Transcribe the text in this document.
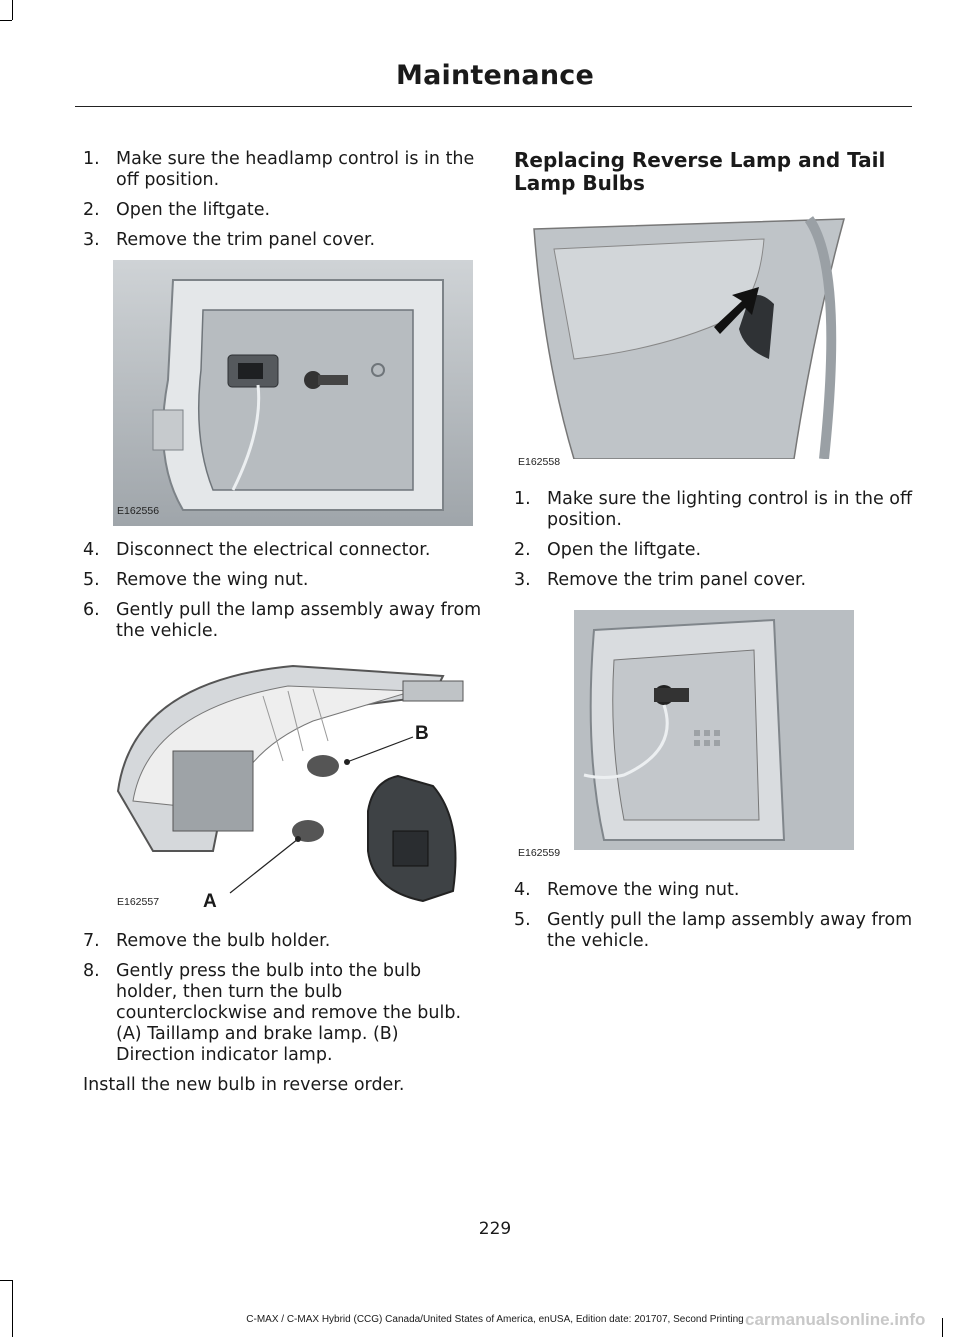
Maintenance
1. Make sure the headlamp control is in the off position.
2. Open the liftgate.
3. Remove the trim panel cover.
E162556
4. Disconnect the electrical connector.
5. Remove the wing nut.
6. Gently pull the lamp assembly away from the vehicle.
B
A
E162557
7. Remove the bulb holder.
8. Gently press the bulb into the bulb holder, then turn the bulb counterclockwise and remove the bulb. (A) Taillamp and brake lamp. (B) Direction indicator lamp.

Install the new bulb in reverse order.

Replacing Reverse Lamp and Tail Lamp Bulbs
E162558
1. Make sure the lighting control is in the off position.
2. Open the liftgate.
3. Remove the trim panel cover.
E162559
4. Remove the wing nut.
5. Gently pull the lamp assembly away from the vehicle.
229
C-MAX / C-MAX Hybrid (CCG) Canada/United States of America, enUSA, Edition date: 201707, Second Printing carmanualsonline.info
